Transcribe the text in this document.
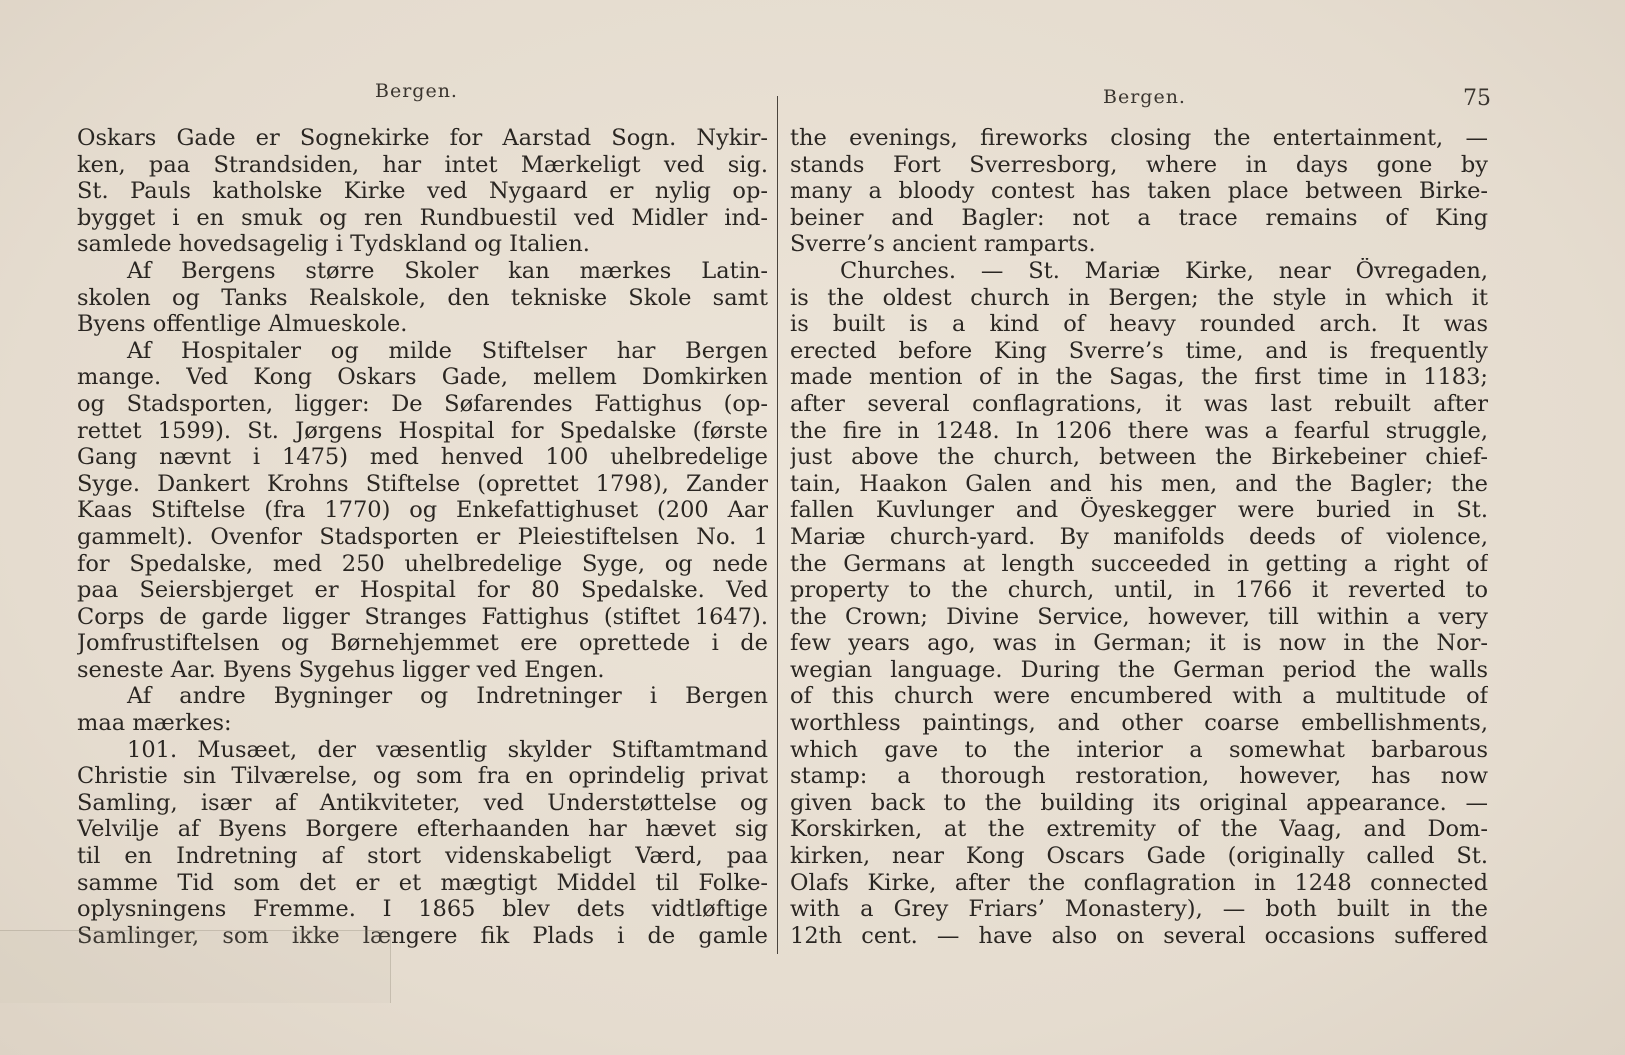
Bergen.	Bergen.	75
Oskars Gade er Sognekirke for Aarstad Sogn. Nykir-
ken, paa Strandsiden, har intet Mærkeligt ved sig.
St. Pauls katholske Kirke ved Nygaard er nylig op-
bygget i en smuk og ren Rundbuestil ved Midler ind-
samlede hovedsagelig i Tydskland og Italien.
Af Bergens større Skoler kan mærkes Latin-
skolen og Tanks Realskole, den tekniske Skole samt
Byens offentlige Almueskole.
Af Hospitaler og milde Stiftelser har Bergen
mange. Ved Kong Oskars Gade, mellem Domkirken
og Stadsporten, ligger: De Søfarendes Fattighus (op-
rettet 1599). St. Jørgens Hospital for Spedalske (første
Gang nævnt i 1475) med henved 100 uhelbredelige
Syge. Dankert Krohns Stiftelse (oprettet 1798), Zander
Kaas Stiftelse (fra 1770) og Enkefattighuset (200 Aar
gammelt). Ovenfor Stadsporten er Pleiestiftelsen No. 1
for Spedalske, med 250 uhelbredelige Syge, og nede
paa Seiersbjerget er Hospital for 80 Spedalske. Ved
Corps de garde ligger Stranges Fattighus (stiftet 1647).
Jomfrustiftelsen og Børnehjemmet ere oprettede i de
seneste Aar. Byens Sygehus ligger ved Engen.
Af andre Bygninger og Indretninger i Bergen
maa mærkes:
101. Musæet, der væsentlig skylder Stiftamtmand
Christie sin Tilværelse, og som fra en oprindelig privat
Samling, især af Antikviteter, ved Understøttelse og
Velvilje af Byens Borgere efterhaanden har hævet sig
til en Indretning af stort videnskabeligt Værd, paa
samme Tid som det er et mægtigt Middel til Folke-
oplysningens Fremme. I 1865 blev dets vidtløftige
Samlinger, som ikke længere fik Plads i de gamle
the evenings, fireworks closing the entertainment, —
stands Fort Sverresborg, where in days gone by
many a bloody contest has taken place between Birke-
beiner and Bagler: not a trace remains of King
Sverre’s ancient ramparts.
Churches. — St. Mariæ Kirke, near Övregaden,
is the oldest church in Bergen; the style in which it
is built is a kind of heavy rounded arch. It was
erected before King Sverre’s time, and is frequently
made mention of in the Sagas, the first time in 1183;
after several conflagrations, it was last rebuilt after
the fire in 1248. In 1206 there was a fearful struggle,
just above the church, between the Birkebeiner chief-
tain, Haakon Galen and his men, and the Bagler; the
fallen Kuvlunger and Öyeskegger were buried in St.
Mariæ church-yard. By manifolds deeds of violence,
the Germans at length succeeded in getting a right of
property to the church, until, in 1766 it reverted to
the Crown; Divine Service, however, till within a very
few years ago, was in German; it is now in the Nor-
wegian language. During the German period the walls
of this church were encumbered with a multitude of
worthless paintings, and other coarse embellishments,
which gave to the interior a somewhat barbarous
stamp: a thorough restoration, however, has now
given back to the building its original appearance. —
Korskirken, at the extremity of the Vaag, and Dom-
kirken, near Kong Oscars Gade (originally called St.
Olafs Kirke, after the conflagration in 1248 connected
with a Grey Friars’ Monastery), — both built in the
12th cent. — have also on several occasions suffered
